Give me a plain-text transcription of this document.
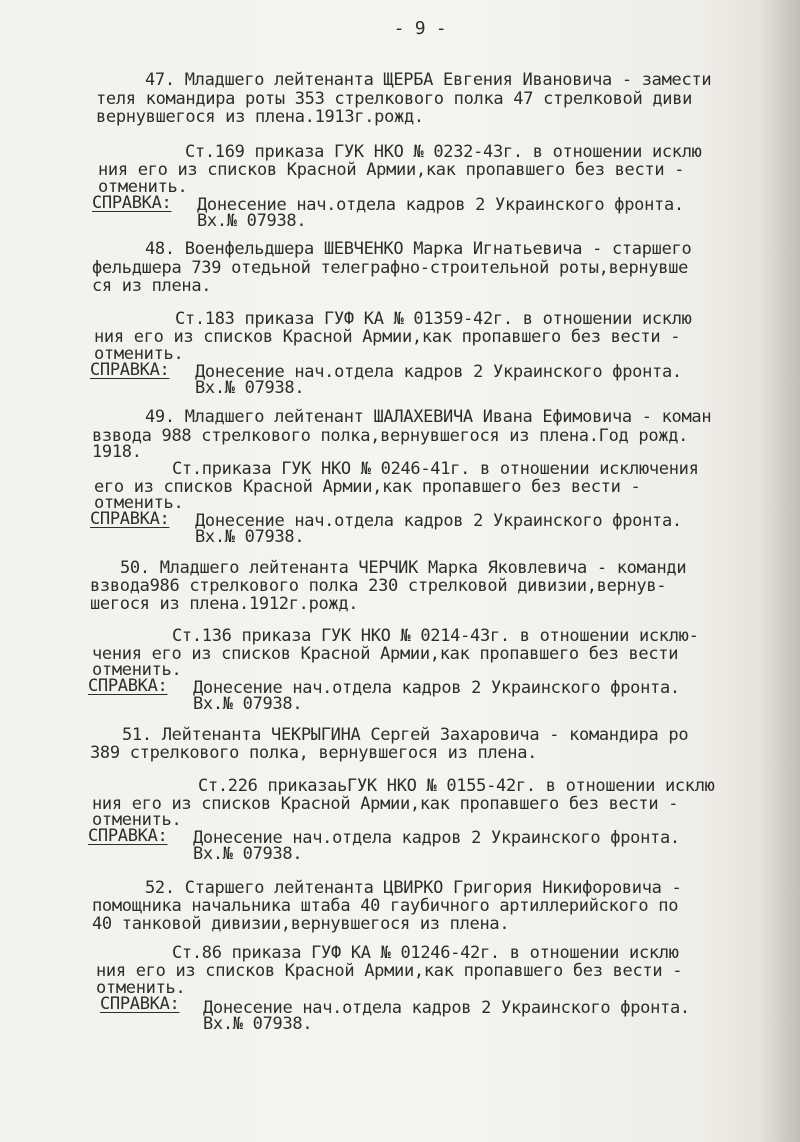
- 9 -
47. Младшего лейтенанта ЩЕРБА Евгения Ивановича - замести
теля командира роты 353 стрелкового полка 47 стрелковой диви
вернувшегося из плена.1913г.рожд.
Ст.169 приказа ГУК НКО № 0232-43г. в отношении исклю
ния его из списков Красной Армии,как пропавшего без вести -
отменить.
СПРАВКА: Донесение нач.отдела кадров 2 Украинского фронта.
Вх.№ 07938.
48. Военфельдшера ШЕВЧЕНКО Марка Игнатьевича - старшего
фельдшера 739 отедьной телеграфно-строительной роты,вернувше
ся из плена.
Ст.183 приказа ГУФ КА № 01359-42г. в отношении исклю
ния его из списков Красной Армии,как пропавшего без вести -
отменить.
СПРАВКА: Донесение нач.отдела кадров 2 Украинского фронта.
Вх.№ 07938.
49. Младшего лейтенант ШАЛАХЕВИЧА Ивана Ефимовича - коман
взвода 988 стрелкового полка,вернувшегося из плена.Год рожд.
1918.
Ст.приказа ГУК НКО № 0246-41г. в отношении исключения
его из списков Красной Армии,как пропавшего без вести -
отменить.
СПРАВКА: Донесение нач.отдела кадров 2 Украинского фронта.
Вх.№ 07938.
50. Младшего лейтенанта ЧЕРЧИК Марка Яковлевича - команди
взвода986 стрелкового полка 230 стрелковой дивизии,вернув-
шегося из плена.1912г.рожд.
Ст.136 приказа ГУК НКО № 0214-43г. в отношении исклю-
чения его из списков Красной Армии,как пропавшего без вести
отменить.
СПРАВКА: Донесение нач.отдела кадров 2 Украинского фронта.
Вх.№ 07938.
51. Лейтенанта ЧЕКРЫГИНА Сергей Захаровича - командира ро
389 стрелкового полка, вернувшегося из плена.
Ст.226 приказаьГУК НКО № 0155-42г. в отношении исклю
ния его из списков Красной Армии,как пропавшего без вести -
отменить.
СПРАВКА: Донесение нач.отдела кадров 2 Украинского фронта.
Вх.№ 07938.
52. Старшего лейтенанта ЦВИРКО Григория Никифоровича -
помощника начальника штаба 40 гаубичного артиллерийского по
40 танковой дивизии,вернувшегося из плена.
Ст.86 приказа ГУФ КА № 01246-42г. в отношении исклю
ния его из списков Красной Армии,как пропавшего без вести -
отменить.
СПРАВКА: Донесение нач.отдела кадров 2 Украинского фронта.
Вх.№ 07938.
